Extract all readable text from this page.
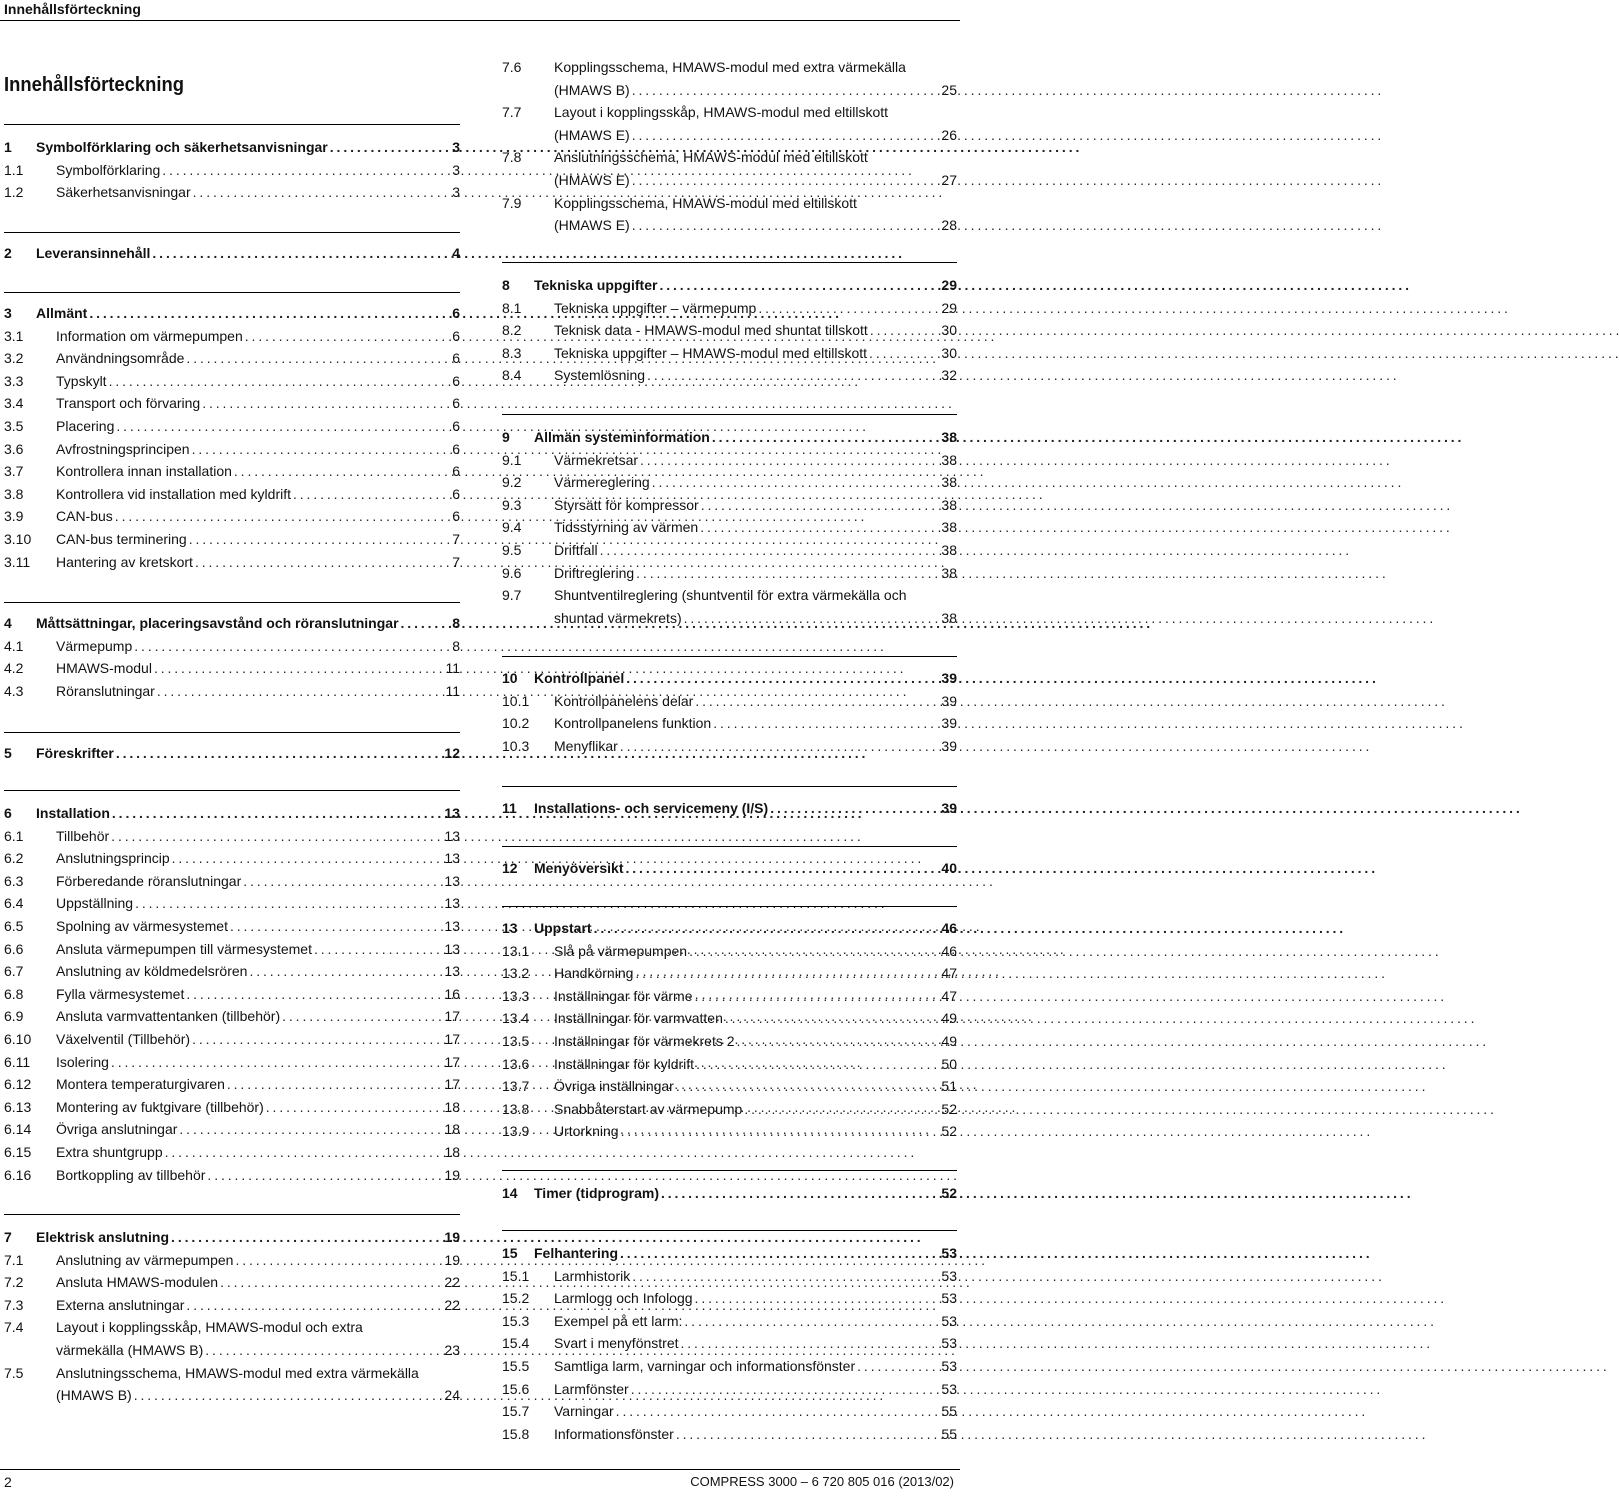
Innehållsförteckning
Innehållsförteckning
1	Symbolförklaring och säkerhetsanvisningar . . .	3
1.1	Symbolförklaring . . .	3
1.2	Säkerhetsanvisningar . . .	3
2	Leveransinnehåll . . .	4
3	Allmänt . . .	6
3.1	Information om värmepumpen . . .	6
3.2	Användningsområde . . .	6
3.3	Typskylt . . .	6
3.4	Transport och förvaring . . .	6
3.5	Placering . . .	6
3.6	Avfrostningsprincipen . . .	6
3.7	Kontrollera innan installation . . .	6
3.8	Kontrollera vid installation med kyldrift . . .	6
3.9	CAN-bus . . .	6
3.10	CAN-bus terminering . . .	7
3.11	Hantering av kretskort . . .	7
4	Måttsättningar, placeringsavstånd och röranslutningar . . .	8
4.1	Värmepump . . .	8
4.2	HMAWS-modul . . .	11
4.3	Röranslutningar . . .	11
5	Föreskrifter . . .	12
6	Installation . . .	13
6.1	Tillbehör . . .	13
6.2	Anslutningsprincip . . .	13
6.3	Förberedande röranslutningar . . .	13
6.4	Uppställning . . .	13
6.5	Spolning av värmesystemet . . .	13
6.6	Ansluta värmepumpen till värmesystemet . . .	13
6.7	Anslutning av köldmedelsrören . . .	13
6.8	Fylla värmesystemet . . .	16
6.9	Ansluta varmvattentanken (tillbehör) . . .	17
6.10	Växelventil (Tillbehör) . . .	17
6.11	Isolering . . .	17
6.12	Montera temperaturgivaren . . .	17
6.13	Montering av fuktgivare (tillbehör) . . .	18
6.14	Övriga anslutningar . . .	18
6.15	Extra shuntgrupp . . .	18
6.16	Bortkoppling av tillbehör . . .	19
7	Elektrisk anslutning . . .	19
7.1	Anslutning av värmepumpen . . .	19
7.2	Ansluta HMAWS-modulen . . .	22
7.3	Externa anslutningar . . .	22
7.4	Layout i kopplingsskåp, HMAWS-modul och extra
värmekälla (HMAWS B) . . .	23
7.5	Anslutningsschema, HMAWS-modul med extra värmekälla
(HMAWS B) . . .	24
7.6	Kopplingsschema, HMAWS-modul med extra värmekälla
(HMAWS B) . . .	25
7.7	Layout i kopplingsskåp, HMAWS-modul med eltillskott
(HMAWS E) . . .	26
7.8	Anslutningsschema, HMAWS-modul med eltillskott
(HMAWS E) . . .	27
7.9	Kopplingsschema, HMAWS-modul med eltillskott
(HMAWS E) . . .	28
8	Tekniska uppgifter . . .	29
8.1	Tekniska uppgifter – värmepump . . .	29
8.2	Teknisk data - HMAWS-modul med shuntat tillskott . . .	30
8.3	Tekniska uppgifter – HMAWS-modul med eltillskott . . .	30
8.4	Systemlösning . . .	32
9	Allmän systeminformation . . .	38
9.1	Värmekretsar . . .	38
9.2	Värmereglering . . .	38
9.3	Styrsätt för kompressor . . .	38
9.4	Tidsstyrning av värmen . . .	38
9.5	Driftfall . . .	38
9.6	Driftreglering . . .	38
9.7	Shuntventilreglering (shuntventil för extra värmekälla och
shuntad värmekrets) . . .	38
10	Kontrollpanel . . .	39
10.1	Kontrollpanelens delar . . .	39
10.2	Kontrollpanelens funktion . . .	39
10.3	Menyflikar . . .	39
11	Installations- och servicemeny (I/S) . . .	39
12	Menyöversikt . . .	40
13	Uppstart . . .	46
13.1	Slå på värmepumpen . . .	46
13.2	Handkörning . . .	47
13.3	Inställningar för värme . . .	47
13.4	Inställningar för varmvatten . . .	49
13.5	Inställningar för värmekrets 2 . . .	49
13.6	Inställningar för kyldrift . . .	50
13.7	Övriga inställningar . . .	51
13.8	Snabbåterstart av värmepump . . .	52
13.9	Urtorkning . . .	52
14	Timer (tidprogram) . . .	52
15	Felhantering . . .	53
15.1	Larmhistorik . . .	53
15.2	Larmlogg och Infologg . . .	53
15.3	Exempel på ett larm: . . .	53
15.4	Svart i menyfönstret . . .	53
15.5	Samtliga larm, varningar och informationsfönster . . .	53
15.6	Larmfönster . . .	53
15.7	Varningar . . .	55
15.8	Informationsfönster . . .	55
2	COMPRESS 3000 – 6 720 805 016 (2013/02)
